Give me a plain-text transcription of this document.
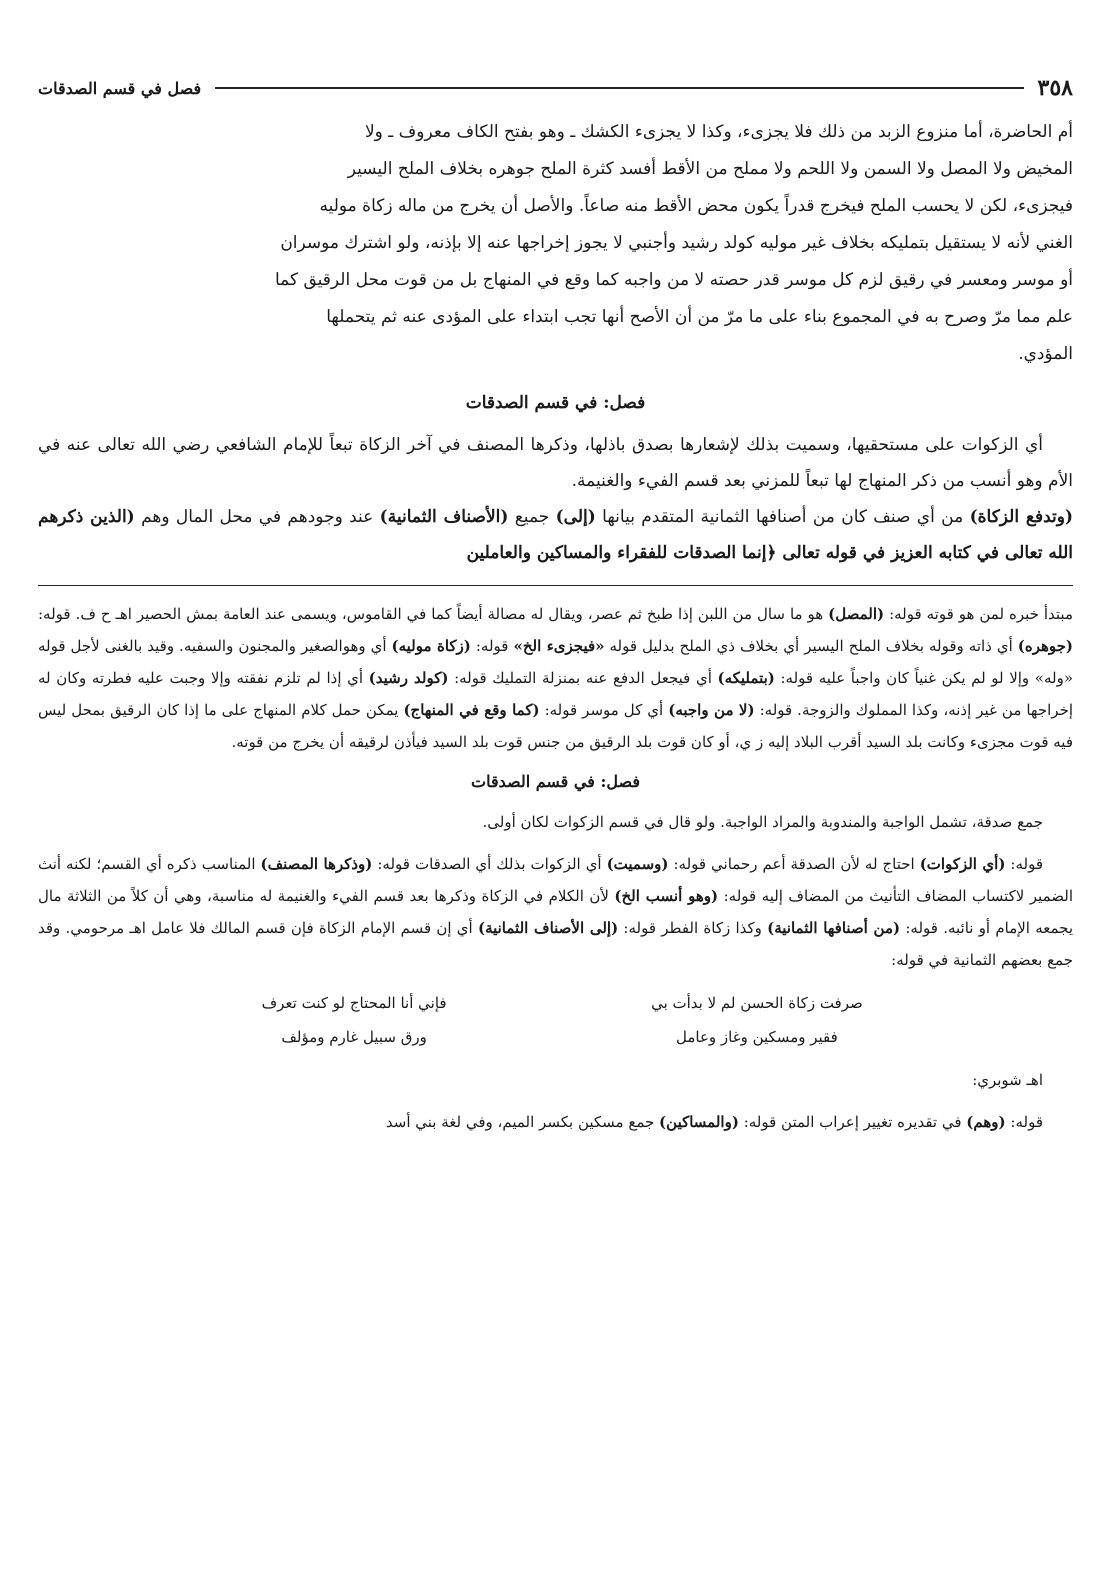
٣٥٨
فصل في قسم الصدقات

أم الحاضرة، أما منزوع الزبد من ذلك فلا يجزىء، وكذا لا يجزىء الكشك ـ وهو بفتح الكاف معروف ـ ولا

المخيض ولا المصل ولا السمن ولا اللحم ولا مملح من الأقط أفسد كثرة الملح جوهره بخلاف الملح اليسير

فيجزىء، لكن لا يحسب الملح فيخرج قدراً يكون محض الأقط منه صاعاً. والأصل أن يخرج من ماله زكاة موليه

الغني لأنه لا يستقيل بتمليكه بخلاف غير موليه كولد رشيد وأجنبي لا يجوز إخراجها عنه إلا بإذنه، ولو اشترك موسران

أو موسر ومعسر في رقيق لزم كل موسر قدر حصته لا من واجبه كما وقع في المنهاج بل من قوت محل الرقيق كما

علم مما مرّ وصرح به في المجموع بناء على ما مرّ من أن الأصح أنها تجب ابتداء على المؤدى عنه ثم يتحملها

المؤدي.

فصل: في قسم الصدقات

أي الزكوات على مستحقيها، وسميت بذلك لإشعارها بصدق باذلها، وذكرها المصنف في آخر الزكاة تبعاً للإمام الشافعي رضي الله تعالى عنه في الأم وهو أنسب من ذكر المنهاج لها تبعاً للمزني بعد قسم الفيء والغنيمة.

(وتدفع الزكاة) من أي صنف كان من أصنافها الثمانية المتقدم بيانها (إلى) جميع (الأصناف الثمانية) عند وجودهم في محل المال وهم (الذين ذكرهم الله تعالى في كتابه العزيز في قوله تعالى ﴿إنما الصدقات للفقراء والمساكين والعاملين

مبتدأ خبره لمن هو قوته قوله: (المصل) هو ما سال من اللبن إذا طبخ ثم عصر، ويقال له مصالة أيضاً كما في القاموس، ويسمى عند العامة بمش الحصير اهـ ح ف. قوله: (جوهره) أي ذاته وقوله بخلاف الملح اليسير أي بخلاف ذي الملح بدليل قوله «فيجزىء الخ» قوله: (زكاة موليه) أي وهوالصغير والمجنون والسفيه. وقيد بالغنى لأجل قوله «وله» وإلا لو لم يكن غنياً كان واجباً عليه قوله: (بتمليكه) أي فيجعل الدفع عنه بمنزلة التمليك قوله: (كولد رشيد) أي إذا لم تلزم نفقته وإلا وجبت عليه فطرته وكان له إخراجها من غير إذنه، وكذا المملوك والزوجة. قوله: (لا من واجبه) أي كل موسر قوله: (كما وقع في المنهاج) يمكن حمل كلام المنهاج على ما إذا كان الرقيق بمحل ليس فيه قوت مجزىء وكانت بلد السيد أقرب البلاد إليه ز ي، أو كان قوت بلد الرقيق من جنس قوت بلد السيد فيأذن لرقيقه أن يخرج من قوته.

فصل: في قسم الصدقات

جمع صدقة، تشمل الواجبة والمندوبة والمراد الواجبة. ولو قال في قسم الزكوات لكان أولى.

قوله: (أي الزكوات) احتاج له لأن الصدقة أعم رحماني قوله: (وسميت) أي الزكوات بذلك أي الصدقات قوله: (وذكرها المصنف) المناسب ذكره أي القسم؛ لكنه أنث الضمير لاكتساب المضاف التأنيث من المضاف إليه قوله: (وهو أنسب الخ) لأن الكلام في الزكاة وذكرها بعد قسم الفيء والغنيمة له مناسبة، وهي أن كلاً من الثلاثة مال يجمعه الإمام أو نائبه. قوله: (من أصنافها الثمانية) وكذا زكاة الفطر قوله: (إلى الأصناف الثمانية) أي إن قسم الإمام الزكاة فإن قسم المالك فلا عامل اهـ مرحومي. وقد جمع بعضهم الثمانية في قوله:

صرفت زكاة الحسن لم لا بدأت بي
فإني أنا المحتاج لو كنت تعرف
فقير ومسكين وغاز وعامل
ورق سبيل غارم ومؤلف

اهـ شوبري:

قوله: (وهم) في تقديره تغيير إعراب المتن قوله: (والمساكين) جمع مسكين بكسر الميم، وفي لغة بني أسد
